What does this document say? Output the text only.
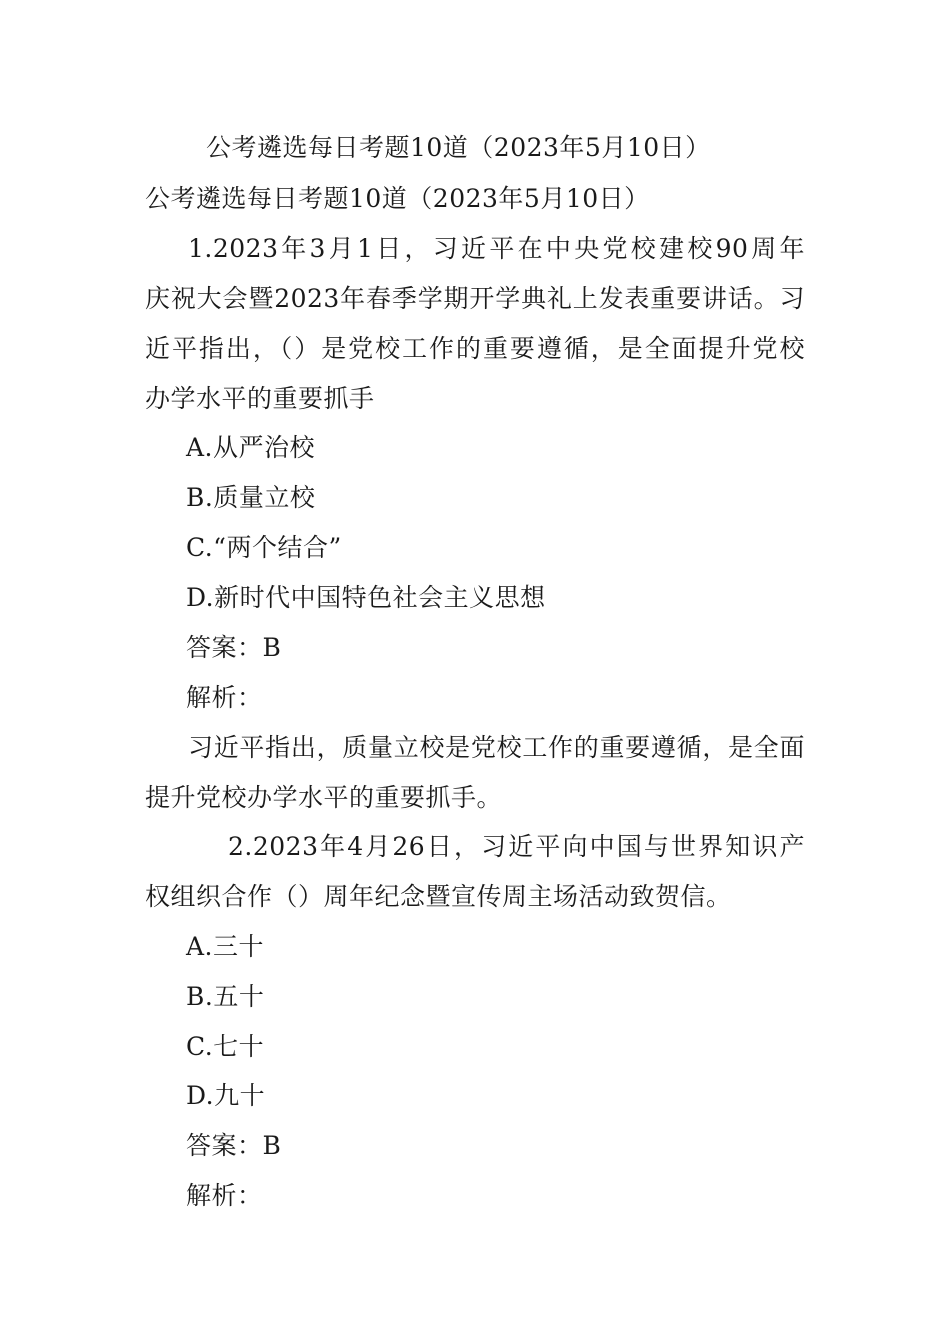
公考遴选每日考题10道（2023年5月10日）
公考遴选每日考题10道（2023年5月10日）
1.2023年3月1日，习近平在中央党校建校90周年
庆祝大会暨2023年春季学期开学典礼上发表重要讲话。习
近平指出，（）是党校工作的重要遵循，是全面提升党校
办学水平的重要抓手
A.从严治校
B.质量立校
C.“两个结合”
D.新时代中国特色社会主义思想
答案：B
解析：
习近平指出，质量立校是党校工作的重要遵循，是全面
提升党校办学水平的重要抓手。
2.2023年4月26日，习近平向中国与世界知识产
权组织合作（）周年纪念暨宣传周主场活动致贺信。
A.三十
B.五十
C.七十
D.九十
答案：B
解析：
